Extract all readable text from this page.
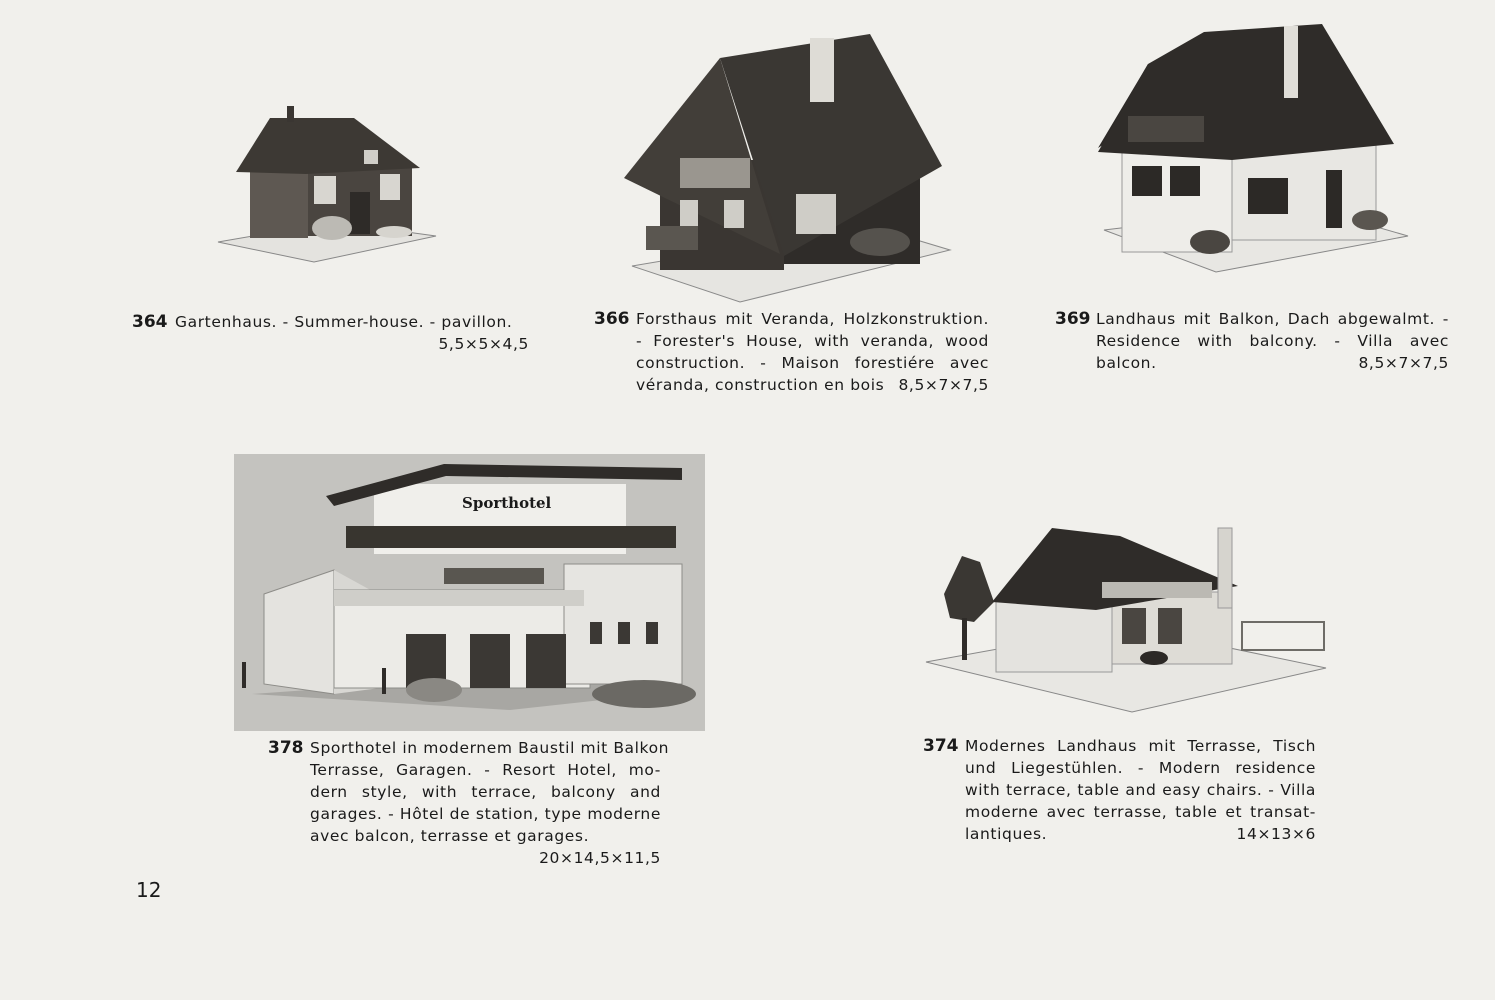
Sporthotel
364 Gartenhaus. - Summer-house. - pavillon.
5,5×5×4,5
366 Forsthaus mit Veranda, Holzkonstruktion.
- Forester's House, with veranda, wood
construction. - Maison forestiére avec
véranda, construction en bois 8,5×7×7,5
369 Landhaus mit Balkon, Dach abgewalmt. -
Residence with balcony. - Villa avec
balcon.	8,5×7×7,5
378 Sporthotel in modernem Baustil mit Balkon
Terrasse, Garagen. - Resort Hotel, mo-
dern style, with terrace, balcony and
garages. - Hôtel de station, type moderne
avec balcon, terrasse et garages.
20×14,5×11,5
374 Modernes Landhaus mit Terrasse, Tisch
und Liegestühlen. - Modern residence
with terrace, table and easy chairs. - Villa
moderne avec terrasse, table et transat-
lantiques.	14×13×6
12
